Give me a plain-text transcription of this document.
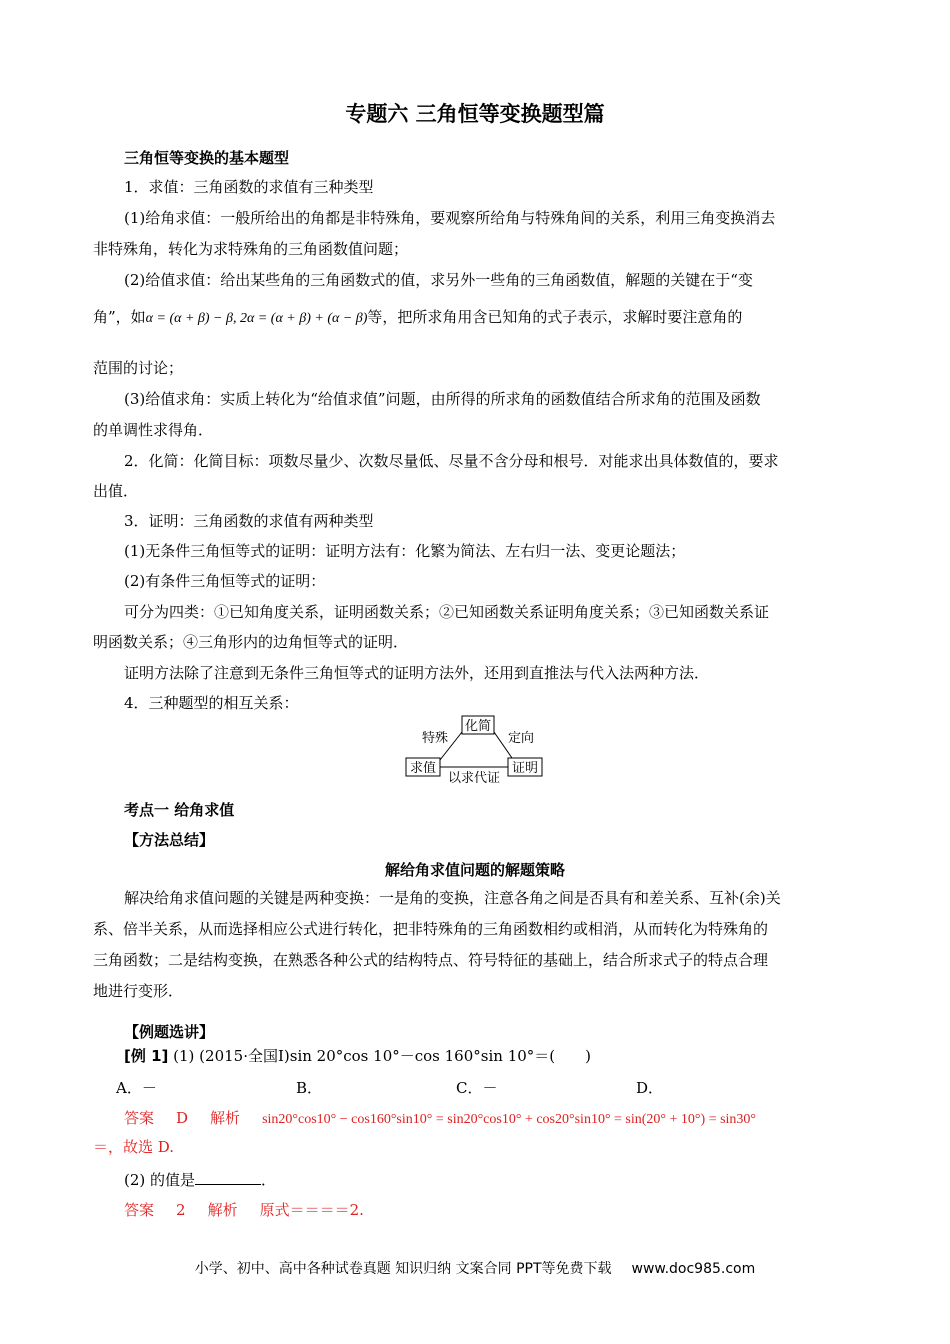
专题六 三角恒等变换题型篇
三角恒等变换的基本题型
1．求值：三角函数的求值有三种类型
(1)给角求值：一般所给出的角都是非特殊角，要观察所给角与特殊角间的关系，利用三角变换消去
非特殊角，转化为求特殊角的三角函数值问题；
(2)给值求值：给出某些角的三角函数式的值，求另外一些角的三角函数值，解题的关键在于“变
角”，如α = (α + β) − β, 2α = (α + β) + (α − β)等，把所求角用含已知角的式子表示，求解时要注意角的
范围的讨论；
(3)给值求角：实质上转化为“给值求值”问题，由所得的所求角的函数值结合所求角的范围及函数
的单调性求得角．
2．化简：化简目标：项数尽量少、次数尽量低、尽量不含分母和根号．对能求出具体数值的，要求
出值．
3．证明：三角函数的求值有两种类型
(1)无条件三角恒等式的证明：证明方法有：化繁为简法、左右归一法、变更论题法；
(2)有条件三角恒等式的证明：
可分为四类：①已知角度关系，证明函数关系；②已知函数关系证明角度关系；③已知函数关系证
明函数关系；④三角形内的边角恒等式的证明．
证明方法除了注意到无条件三角恒等式的证明方法外，还用到直推法与代入法两种方法．
4．三种题型的相互关系：
化简
求值	证明
特殊	定向
以求代证
考点一 给角求值
【方法总结】
解给角求值问题的解题策略
解决给角求值问题的关键是两种变换：一是角的变换，注意各角之间是否具有和差关系、互补(余)关
系、倍半关系，从而选择相应公式进行转化，把非特殊角的三角函数相约或相消，从而转化为特殊角的
三角函数；二是结构变换，在熟悉各种公式的结构特点、符号特征的基础上，结合所求式子的特点合理
地进行变形．
【例题选讲】
[例 1] (1) (2015·全国Ⅰ)sin 20°cos 10°－cos 160°sin 10°＝(　　)
A．－	B．	C．－	D．
答案 D 解析 sin20°cos10° − cos160°sin10° = sin20°cos10° + cos20°sin10° = sin(20° + 10°) = sin30°
＝，故选 D.
(2) 的值是	．
答案 2 解析 原式＝＝＝＝2.
小学、初中、高中各种试卷真题 知识归纳 文案合同 PPT等免费下载 www.doc985.com
